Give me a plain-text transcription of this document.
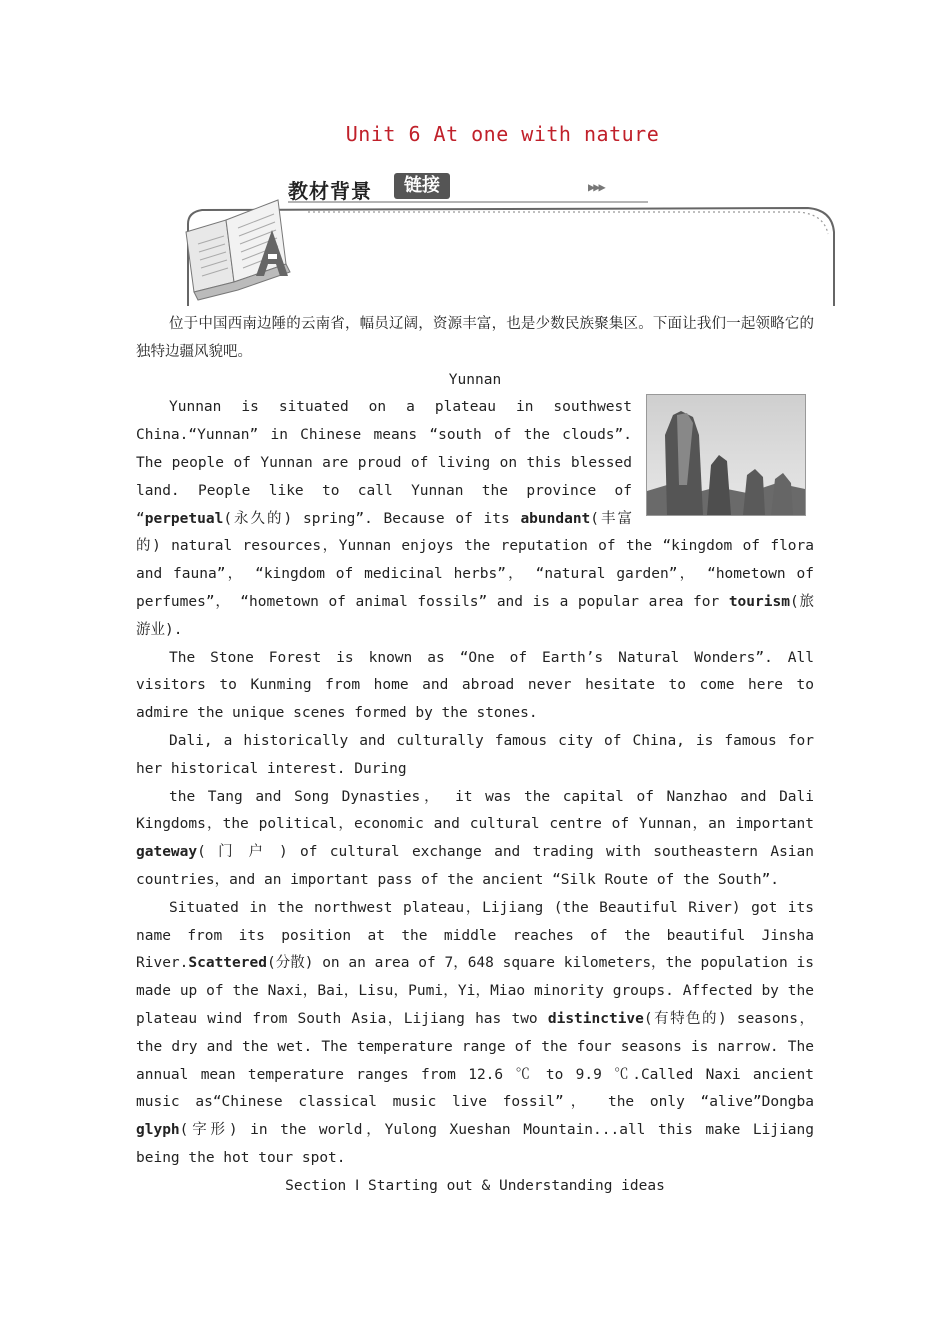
Unit 6 At one with nature
教材背景	链接	▶▶▶

位于中国西南边陲的云南省，幅员辽阔，资源丰富，也是少数民族聚集区。下面让我们一起领略它的独特边疆风貌吧。

Yunnan

Yunnan is situated on a plateau in southwest China.“Yunnan” in Chinese means “south of the clouds”. The people of Yunnan are proud of living on this blessed land. People like to call Yunnan the province of “perpetual(永久的) spring”. Because of its abundant(丰富的) natural resources，Yunnan enjoys the reputation of the “kingdom of flora and fauna”， “kingdom of medicinal herbs”， “natural garden”， “hometown of perfumes”， “hometown of animal fossils” and is a popular area for tourism(旅游业).

The Stone Forest is known as “One of Earth’s Natural Wonders”. All visitors to Kunming from home and abroad never hesitate to come here to admire the unique scenes formed by the stones.

Dali, a historically and culturally famous city of China, is famous for her historical interest. During

the Tang and Song Dynasties， it was the capital of Nanzhao and Dali Kingdoms，the political，economic and cultural centre of Yunnan，an important gateway( 门 户 ) of cultural exchange and trading with southeastern Asian countries，and an important pass of the ancient “Silk Route of the South”.

Situated in the northwest plateau，Lijiang (the Beautiful River) got its name from its position at the middle reaches of the beautiful Jinsha River.Scattered(分散) on an area of 7，648 square kilometers，the population is made up of the Naxi，Bai，Lisu，Pumi，Yi，Miao minority groups. Affected by the plateau wind from South Asia，Lijiang has two distinctive(有特色的) seasons，the dry and the wet. The temperature range of the four seasons is narrow. The annual mean temperature ranges from 12.6 ℃ to 9.9 ℃.Called Naxi ancient music as“Chinese classical music live fossil”， the only “alive”Dongba glyph(字形) in the world，Yulong Xueshan Mountain...all this make Lijiang being the hot tour spot.

Section Ⅰ Starting out & Understanding ideas
